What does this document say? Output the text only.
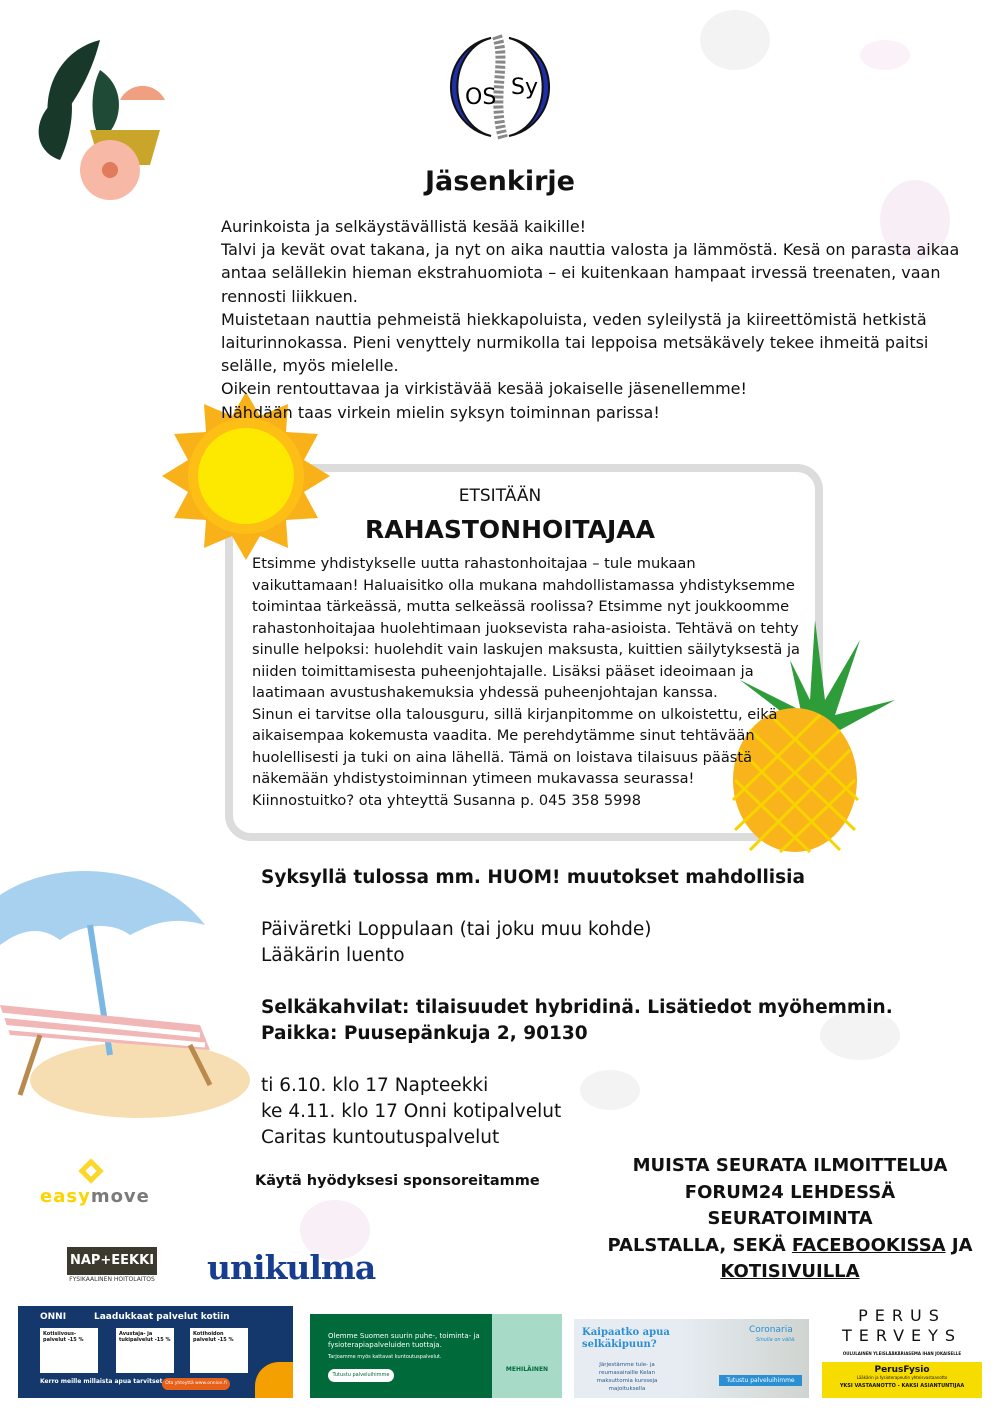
OS Sy
Jäsenkirje

Aurinkoista ja selkäystävällistä kesää kaikille!

Talvi ja kevät ovat takana, ja nyt on aika nauttia valosta ja lämmöstä. Kesä on parasta aikaa antaa selällekin hieman ekstrahuomiota – ei kuitenkaan hampaat irvessä treenaten, vaan rennosti liikkuen.

Muistetaan nauttia pehmeistä hiekkapoluista, veden syleilystä ja kiireettömistä hetkistä laiturinnokassa. Pieni venyttely nurmikolla tai leppoisa metsäkävely tekee ihmeitä paitsi selälle, myös mielelle.

Oikein rentouttavaa ja virkistävää kesää jokaiselle jäsenellemme!

Nähdään taas virkein mielin syksyn toiminnan parissa!

ETSITÄÄN
RAHASTONHOITAJAA

Etsimme yhdistykselle uutta rahastonhoitajaa – tule mukaan vaikuttamaan! Haluaisitko olla mukana mahdollistamassa yhdistyksemme toimintaa tärkeässä, mutta selkeässä roolissa? Etsimme nyt joukkoomme rahastonhoitajaa huolehtimaan juoksevista raha-asioista. Tehtävä on tehty sinulle helpoksi: huolehdit vain laskujen maksusta, kuittien säilytyksestä ja niiden toimittamisesta puheenjohtajalle. Lisäksi pääset ideoimaan ja laatimaan avustushakemuksia yhdessä puheenjohtajan kanssa.

Sinun ei tarvitse olla talousguru, sillä kirjanpitomme on ulkoistettu, eikä aikaisempaa kokemusta vaadita. Me perehdytämme sinut tehtävään huolellisesti ja tuki on aina lähellä. Tämä on loistava tilaisuus päästä näkemään yhdistystoiminnan ytimeen mukavassa seurassa!

Kiinnostuitko? ota yhteyttä Susanna p. 045 358 5998

Syksyllä tulossa mm. HUOM! muutokset mahdollisia

Päiväretki Loppulaan (tai joku muu kohde)

Lääkärin luento

Selkäkahvilat: tilaisuudet hybridinä. Lisätiedot myöhemmin.

Paikka: Puusepänkuja 2, 90130

ti 6.10. klo 17 Napteekki

ke 4.11. klo 17 Onni kotipalvelut

Caritas kuntoutuspalvelut

easymove
NAP+EEKKI
FYSIKAALINEN HOITOLAITOS unikulma
Käytä hyödyksesi sponsoreitamme

MUISTA SEURATA ILMOITTELUA

FORUM24 LEHDESSÄ SEURATOIMINTA

PALSTALLA, SEKÄ FACEBOOKISSA JA

KOTISIVUILLA

ONNI	Laadukkaat palvelut kotiin
Kotisiivous-palvelut -15 %
Avustaja- ja tukipalvelut -15 %
Kotihoidon palvelut -15 %
Kerro meille millaista apua tarvitset Ota yhteyttä www.onnion.fi
Olemme Suomen suurin puhe-, toiminta- ja fysioterapiapalveluiden tuottaja.
Tarjoamme myös kattavat kuntoutuspalvelut.
Tutustu palveluihimme
MEHILÄINEN
Kaipaatko apua selkäkipuun?
Coronaria
Sinulla on väliä.
Järjestämme tule- ja reumasairaille Kelan maksuttomia kursseja majoituksella
Tutustu palveluihimme
PERUS
TERVEYS
OULULAINEN YLEISLÄÄKÄRIASEMA IHAN JOKAISELLE
PerusFysio
Lääkärin ja fysioterapeutin yhteisvastaanotto
YKSI VASTAANOTTO - KAKSI ASIANTUNTIJAA
